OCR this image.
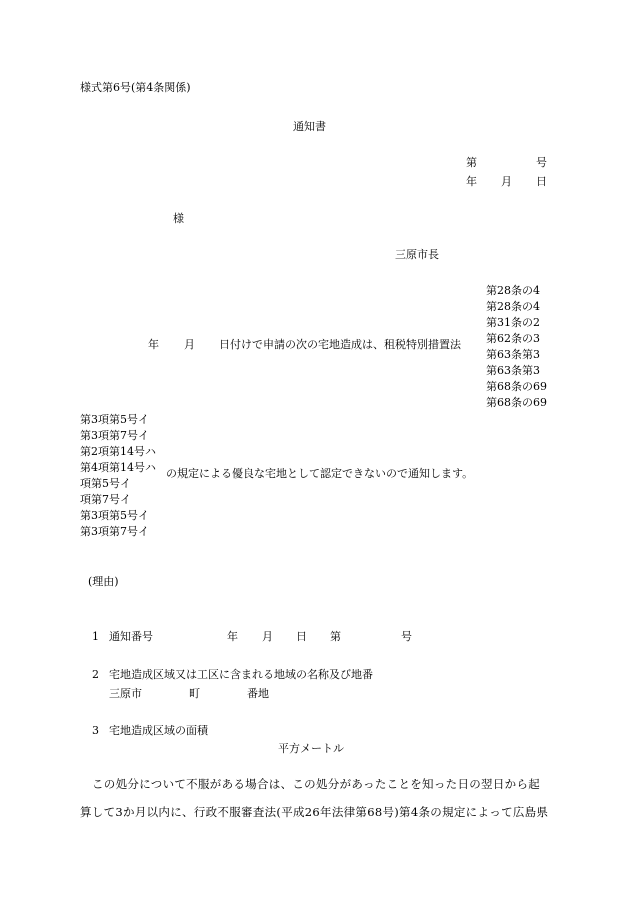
様式第6号(第4条関係)
通知書
第	号
年 月 日
様
三原市長
年 月 日付けで申請の次の宅地造成は、租税特別措置法
第28条の4
第28条の4
第31条の2
第62条の3
第63条第3
第63条第3
第68条の69
第68条の69
第3項第5号イ
第3項第7号イ
第2項第14号ハ
第4項第14号ハ
項第5号イ
項第7号イ
第3項第5号イ
第3項第7号イ
の規定による優良な宅地として認定できないので通知します。
(理由)
1 通知番号	年 月 日 第	号
2 宅地造成区域又は工区に含まれる地域の名称及び地番
三原市	町	番地
3 宅地造成区域の面積
平方メートル
この処分について不服がある場合は、この処分があったことを知った日の翌日から起
算して3か月以内に、行政不服審査法(平成26年法律第68号)第4条の規定によって広島県
